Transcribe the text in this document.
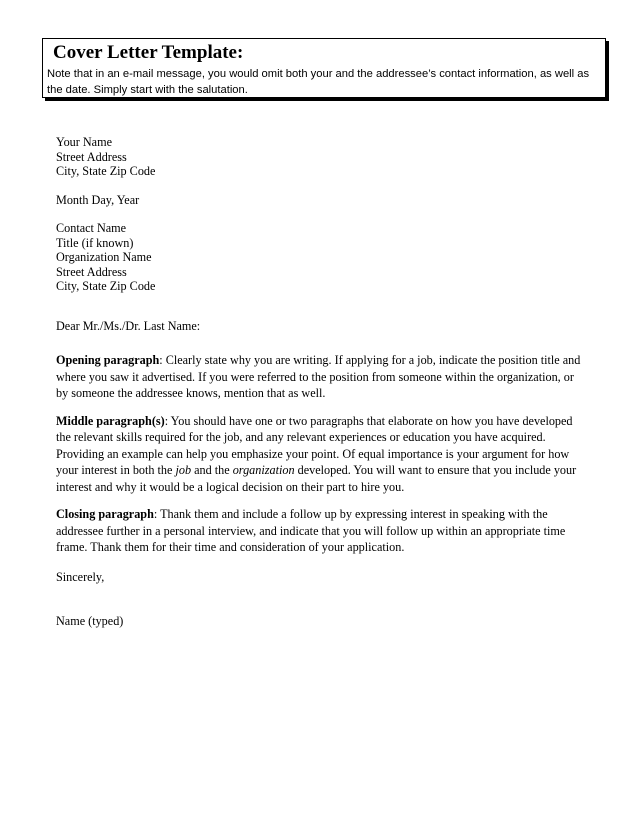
Cover Letter Template:
Note that in an e-mail message, you would omit both your and the addressee’s contact information, as well as the date. Simply start with the salutation.
Your Name
Street Address
City, State Zip Code
Month Day, Year
Contact Name
Title (if known)
Organization Name
Street Address
City, State Zip Code
Dear Mr./Ms./Dr. Last Name:

Opening paragraph: Clearly state why you are writing. If applying for a job, indicate the position title and where you saw it advertised. If you were referred to the position from someone within the organization, or by someone the addressee knows, mention that as well.

Middle paragraph(s): You should have one or two paragraphs that elaborate on how you have developed the relevant skills required for the job, and any relevant experiences or education you have acquired. Providing an example can help you emphasize your point. Of equal importance is your argument for how your interest in both the job and the organization developed. You will want to ensure that you include your interest and why it would be a logical decision on their part to hire you.

Closing paragraph: Thank them and include a follow up by expressing interest in speaking with the addressee further in a personal interview, and indicate that you will follow up within an appropriate time frame. Thank them for their time and consideration of your application.

Sincerely,
Name (typed)
